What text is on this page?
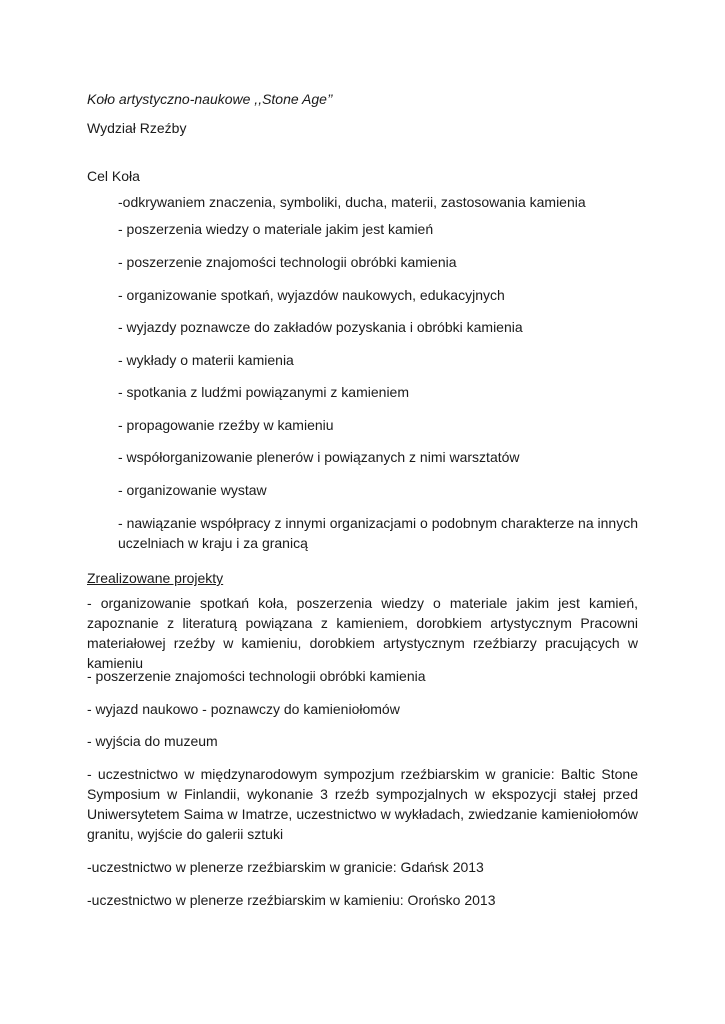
Koło artystyczno-naukowe ,,Stone Age’’

Wydział Rzeźby

Cel Koła

-odkrywaniem znaczenia, symboliki, ducha, materii, zastosowania kamienia

- poszerzenia wiedzy o materiale jakim jest kamień

- poszerzenie znajomości technologii obróbki kamienia

- organizowanie spotkań, wyjazdów naukowych, edukacyjnych

- wyjazdy poznawcze do zakładów pozyskania i obróbki kamienia

- wykłady o materii kamienia

- spotkania z ludźmi powiązanymi z kamieniem

- propagowanie rzeźby w kamieniu

- współorganizowanie plenerów i powiązanych z nimi warsztatów

- organizowanie wystaw

- nawiązanie współpracy z innymi organizacjami o podobnym charakterze na innych uczelniach w kraju i za granicą

Zrealizowane projekty

- organizowanie spotkań koła, poszerzenia wiedzy o materiale jakim jest kamień, zapoznanie z literaturą powiązana z kamieniem, dorobkiem artystycznym Pracowni materiałowej rzeźby w kamieniu, dorobkiem artystycznym rzeźbiarzy pracujących w kamieniu

- poszerzenie znajomości technologii obróbki kamienia

- wyjazd naukowo - poznawczy do kamieniołomów

- wyjścia do muzeum

- uczestnictwo w międzynarodowym sympozjum rzeźbiarskim w granicie: Baltic Stone Symposium w Finlandii, wykonanie 3 rzeźb sympozjalnych w ekspozycji stałej przed Uniwersytetem Saima w Imatrze, uczestnictwo w wykładach, zwiedzanie kamieniołomów granitu, wyjście do galerii sztuki

-uczestnictwo w plenerze rzeźbiarskim w granicie: Gdańsk 2013

-uczestnictwo w plenerze rzeźbiarskim w kamieniu: Orońsko 2013
